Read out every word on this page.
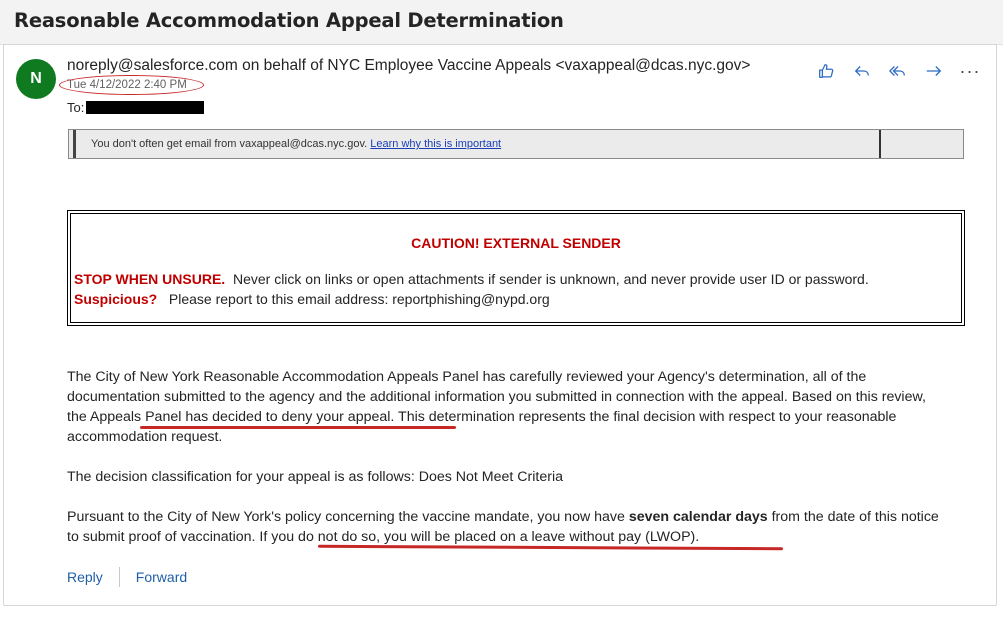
Reasonable Accommodation Appeal Determination
N
noreply@salesforce.com on behalf of NYC Employee Vaccine Appeals <vaxappeal@dcas.nyc.gov>
Tue 4/12/2022 2:40 PM
To:
···
You don't often get email from vaxappeal@dcas.nyc.gov. Learn why this is important
CAUTION! EXTERNAL SENDER
STOP WHEN UNSURE. Never click on links or open attachments if sender is unknown, and never provide user ID or password.
Suspicious? Please report to this email address: reportphishing@nypd.org
The City of New York Reasonable Accommodation Appeals Panel has carefully reviewed your Agency's determination, all of the documentation submitted to the agency and the additional information you submitted in connection with the appeal. Based on this review, the Appeals Panel has decided to deny your appeal. This determination represents the final decision with respect to your reasonable accommodation request.
The decision classification for your appeal is as follows: Does Not Meet Criteria
Pursuant to the City of New York's policy concerning the vaccine mandate, you now have seven calendar days from the date of this notice to submit proof of vaccination. If you do not do so, you will be placed on a leave without pay (LWOP).
Reply Forward
